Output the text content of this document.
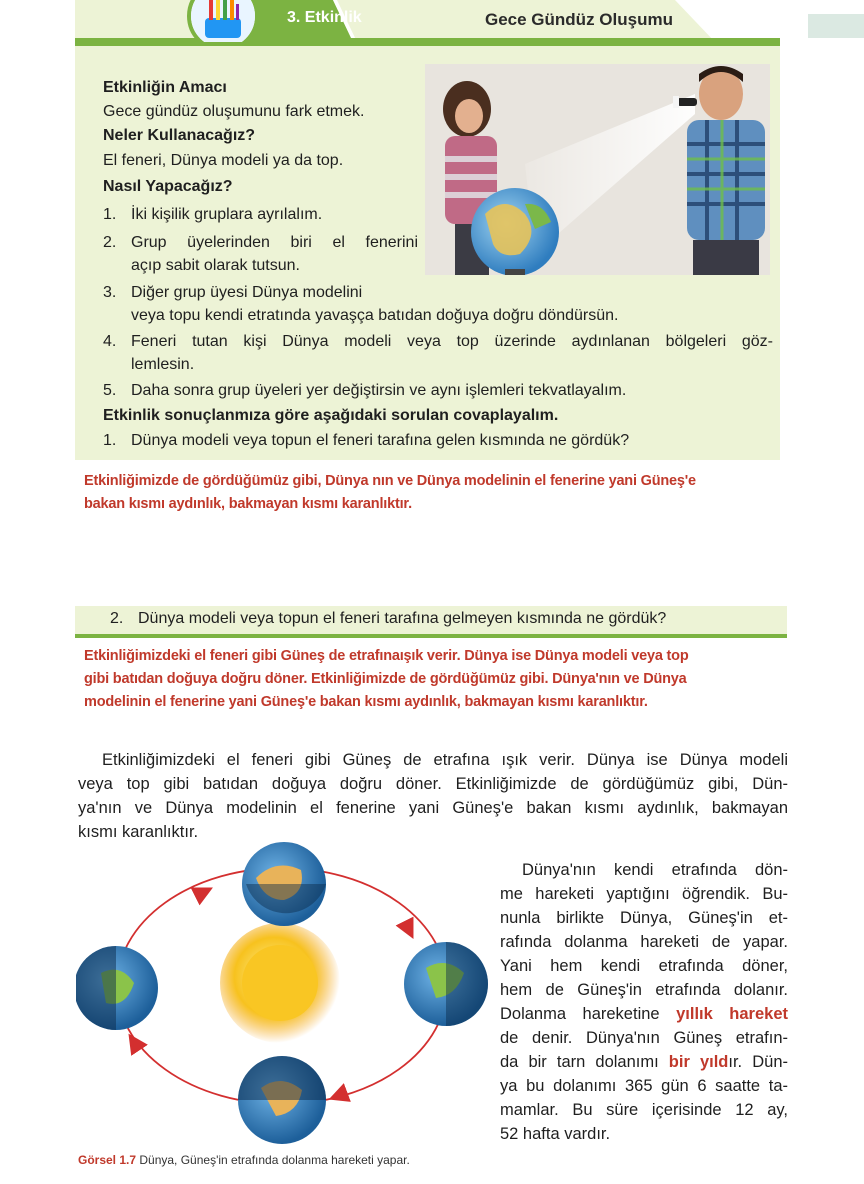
3. Etkinlik	Gece Gündüz Oluşumu
Etkinliğin Amacı
Gece gündüz oluşumunu fark etmek.
Neler Kullanacağız?
El feneri, Dünya modeli ya da top.
Nasıl Yapacağız?
1. İki kişilik gruplara ayrılalım.
2. Grup üyelerinden biri el fenerini
açıp sabit olarak tutsun.
3. Diğer grup üyesi Dünya modelini
veya topu kendi etratında yavaşça batıdan doğuya doğru döndürsün.
4. Feneri tutan kişi Dünya modeli veya top üzerinde aydınlanan bölgeleri göz-
lemlesin.
5. Daha sonra grup üyeleri yer değiştirsin ve aynı işlemleri tekvatlayalım.
Etkinlik sonuçlanmıza göre aşağıdaki sorulan covaplayalım.
1. Dünya modeli veya topun el feneri tarafına gelen kısmında ne gördük?
Etkinliğimizde de gördüğümüz gibi, Dünya nın ve Dünya modelinin el fenerine yani Güneş'e
bakan kısmı aydınlık, bakmayan kısmı karanlıktır.
2. Dünya modeli veya topun el feneri tarafına gelmeyen kısmında ne gördük?
Etkinliğimizdeki el feneri gibi Güneş de etrafınaışık verir. Dünya ise Dünya modeli veya top
gibi batıdan doğuya doğru döner. Etkinliğimizde de gördüğümüz gibi. Dünya'nın ve Dünya
modelinin el fenerine yani Güneş'e bakan kısmı aydınlık, bakmayan kısmı karanlıktır.

Etkinliğimizdeki el feneri gibi Güneş de etrafına ışık verir. Dünya ise Dünya modeli

veya top gibi batıdan doğuya doğru döner. Etkinliğimizde de gördüğümüz gibi, Dün-

ya'nın ve Dünya modelinin el fenerine yani Güneş'e bakan kısmı aydınlık, bakmayan

kısmı karanlıktır.

Dünya'nın kendi etrafında dön-

me hareketi yaptığını öğrendik. Bu-

nunla birlikte Dünya, Güneş'in et-

rafında dolanma hareketi de yapar.

Yani hem kendi etrafında döner,

hem de Güneş'in etrafında dolanır.

Dolanma hareketine yıllık hareket

de denir. Dünya'nın Güneş etrafın-

da bir tarn dolanımı bir yıldır. Dün-

ya bu dolanımı 365 gün 6 saatte ta-

mamlar. Bu süre içerisinde 12 ay,

52 hafta vardır.

Görsel 1.7 Dünya, Güneş'in etrafında dolanma hareketi yapar.
